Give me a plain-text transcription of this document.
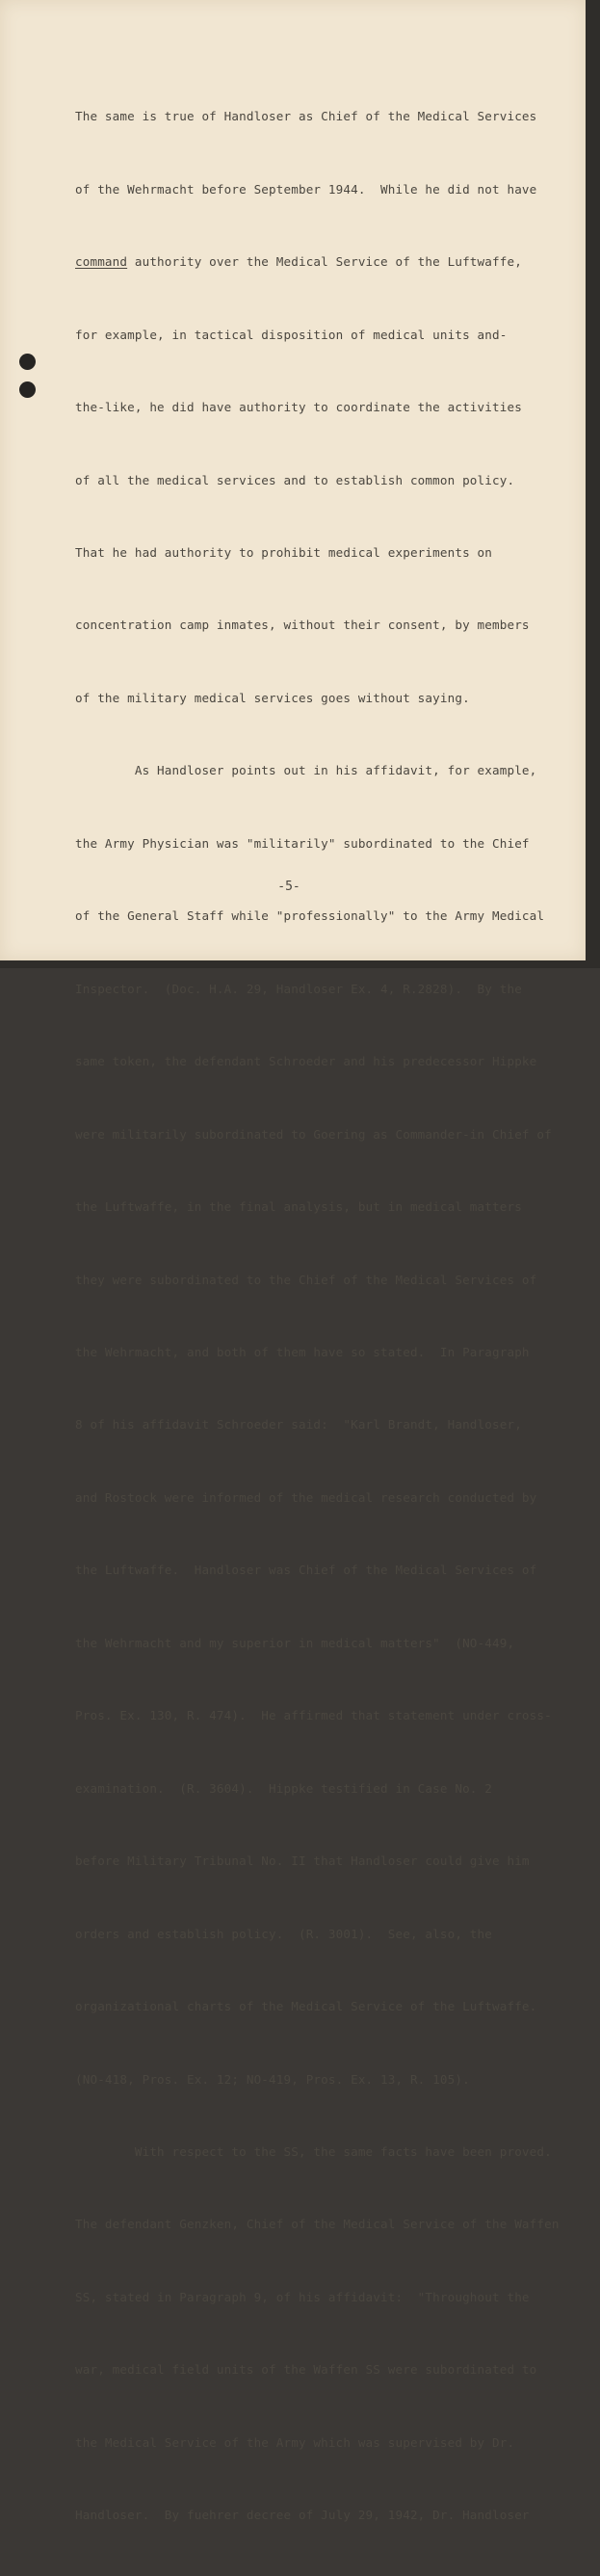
The same is true of Handloser as Chief of the Medical Services

of the Wehrmacht before September 1944.  While he did not have

command authority over the Medical Service of the Luftwaffe,

for example, in tactical disposition of medical units and-

the-like, he did have authority to coordinate the activities

of all the medical services and to establish common policy.

That he had authority to prohibit medical experiments on

concentration camp inmates, without their consent, by members

of the military medical services goes without saying.

As Handloser points out in his affidavit, for example,

the Army Physician was "militarily" subordinated to the Chief

of the General Staff while "professionally" to the Army Medical

Inspector.  (Doc. H.A. 29, Handloser Ex. 4, R.2828).  By the

same token, the defendant Schroeder and his predecessor Hippke

were militarily subordinated to Goering as Commander-in Chief of

the Luftwaffe, in the final analysis, but in medical matters

they were subordinated to the Chief of the Medical Services of

the Wehrmacht, and both of them have so stated.  In Paragraph

8 of his affidavit Schroeder said:  "Karl Brandt, Handloser,

and Rostock were informed of the medical research conducted by

the Luftwaffe.  Handloser was Chief of the Medical Services of

the Wehrmacht and my superior in medical matters"  (NO-449,

Pros. Ex. 130, R. 474).  He affirmed that statement under cross-

examination.  (R. 3604).  Hippke testified in Case No. 2

before Military Tribunal No. II that Handloser could give him

orders and establish policy.  (R. 3001).  See, also, the

organizational charts of the Medical Service of the Luftwaffe.

(NO-418, Pros. Ex. 12; NO-419, Pros. Ex. 13, R. 105).

With respect to the SS, the same facts have been proved.

The defendant Genzken, Chief of the Medical Service of the Waffen

SS, stated in Paragraph 9, of his affidavit:  "Throughout the

war, medical field units of the Waffen SS were subordinated to

the Medical Service of the Army which was supervised by Dr.

Handloser.  By fuehrer decree of July 29, 1942, Dr. Handloser

-5-
